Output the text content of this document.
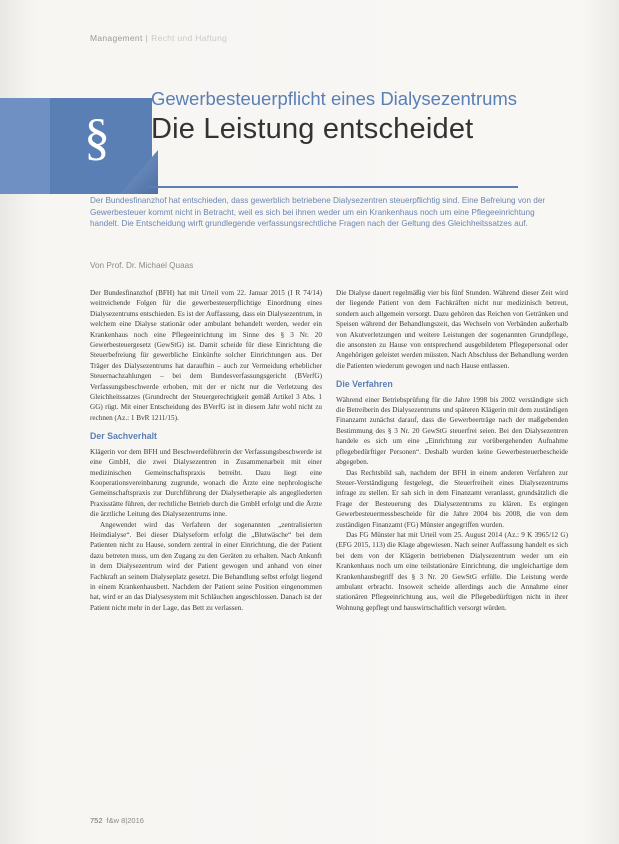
Management | Recht und Haftung
§
Gewerbesteuerpflicht eines Dialysezentrums
Die Leistung entscheidet
Der Bundesfinanzhof hat entschieden, dass gewerblich betriebene Dialysezentren steuerpflichtig sind. Eine Befreiung von der Gewerbesteuer kommt nicht in Betracht, weil es sich bei ihnen weder um ein Krankenhaus noch um eine Pflegeeinrichtung handelt. Die Entscheidung wirft grundlegende verfassungsrechtliche Fragen nach der Geltung des Gleichheitssatzes auf.
Von Prof. Dr. Michael Quaas

Der Bundesfinanzhof (BFH) hat mit Urteil vom 22. Januar 2015 (I R 74/14) weitreichende Folgen für die gewerbesteuerpflichtige Einordnung eines Dialysezentrums entschieden. Es ist der Auffassung, dass ein Dialysezentrum, in welchem eine Dialyse stationär oder ambulant behandelt werden, weder ein Krankenhaus noch eine Pflegeeinrichtung im Sinne des § 3 Nr. 20 Gewerbesteuergesetz (GewStG) ist. Damit scheide für diese Einrichtung die Steuerbefreiung für gewerbliche Einkünfte solcher Einrichtungen aus. Der Träger des Dialysezentrums hat daraufhin – auch zur Vermeidung erheblicher Steuernachzahlungen – bei dem Bundesverfassungsgericht (BVerfG) Verfassungsbeschwerde erhoben, mit der er nicht nur die Verletzung des Gleichheitssatzes (Grundrecht der Steuergerechtigkeit gemäß Artikel 3 Abs. 1 GG) rügt. Mit einer Entscheidung des BVerfG ist in diesem Jahr wohl nicht zu rechnen (Az.: 1 BvR 1211/15).

Der Sachverhalt

Klägerin vor dem BFH und Beschwerdeführerin der Verfassungsbeschwerde ist eine GmbH, die zwei Dialysezentren in Zusammenarbeit mit einer medizinischen Gemeinschaftspraxis betreibt. Dazu liegt eine Kooperationsvereinbarung zugrunde, wonach die Ärzte eine nephrologische Gemeinschaftspraxis zur Durchführung der Dialysetherapie als angegliederten Praxisstätte führen, der rechtliche Betrieb durch die GmbH erfolgt und die Ärzte die ärztliche Leitung des Dialysezentrums inne.

Angewendet wird das Verfahren der sogenannten „zentralisierten Heimdialyse“. Bei dieser Dialyseform erfolgt die „Blutwäsche“ bei dem Patienten nicht zu Hause, sondern zentral in einer Einrichtung, die der Patient dazu betreten muss, um den Zugang zu den Geräten zu erhalten. Nach Ankunft in dem Dialysezentrum wird der Patient gewogen und anhand von einer Fachkraft an seinem Dialyseplatz gesetzt. Die Behandlung selbst erfolgt liegend in einem Krankenhausbett. Nachdem der Patient seine Position eingenommen hat, wird er an das Dialysesystem mit Schläuchen angeschlossen. Danach ist der Patient nicht mehr in der Lage, das Bett zu verlassen.

Die Dialyse dauert regelmäßig vier bis fünf Stunden. Während dieser Zeit wird der liegende Patient von dem Fachkräften nicht nur medizinisch betreut, sondern auch allgemein versorgt. Dazu gehören das Reichen von Getränken und Speisen während der Behandlungszeit, das Wechseln von Verbänden außerhalb von Akutverletzungen und weitere Leistungen der sogenannten Grundpflege, die ansonsten zu Hause von entsprechend ausgebildetem Pflegepersonal oder Angehörigen geleistet werden müssten. Nach Abschluss der Behandlung werden die Patienten wiederum gewogen und nach Hause entlassen.

Die Verfahren

Während einer Betriebsprüfung für die Jahre 1998 bis 2002 verständigte sich die Betreiberin des Dialysezentrums und späteren Klägerin mit dem zuständigen Finanzamt zunächst darauf, dass die Gewerbeerträge nach der maßgebenden Bestimmung des § 3 Nr. 20 GewStG steuerfrei seien. Bei den Dialysezentren handele es sich um eine „Einrichtung zur vorübergehenden Aufnahme pflegebedürftiger Personen“. Deshalb wurden keine Gewerbesteuerbescheide abgegeben.

Das Rechtsbild sah, nachdem der BFH in einem anderen Verfahren zur Steuer-Verständigung festgelegt, die Steuerfreiheit eines Dialysezentrums infrage zu stellen. Er sah sich in dem Finanzamt veranlasst, grundsätzlich die Frage der Besteuerung des Dialysezentrums zu klären. Es ergingen Gewerbesteuermessbescheide für die Jahre 2004 bis 2008, die von dem zuständigen Finanzamt (FG) Münster angegriffen wurden.

Das FG Münster hat mit Urteil vom 25. August 2014 (Az.: 9 K 3965/12 G) (EFG 2015, 113) die Klage abgewiesen. Nach seiner Auffassung handelt es sich bei dem von der Klägerin betriebenen Dialysezentrum weder um ein Krankenhaus noch um eine teilstationäre Einrichtung, die ungleichartige dem Krankenhausbegriff des § 3 Nr. 20 GewStG erfülle. Die Leistung werde ambulant erbracht. Insoweit scheide allerdings auch die Annahme einer stationären Pflegeeinrichtung aus, weil die Pflegebedürftigen nicht in ihrer Wohnung gepflegt und hauswirtschaftlich versorgt würden.

752 f&w 8|2016
